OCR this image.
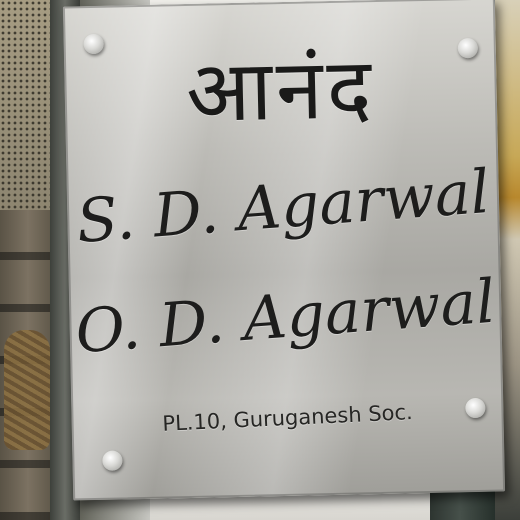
आनंद
S. D. Agarwal
O. D. Agarwal
PL.10, Guruganesh Soc.
